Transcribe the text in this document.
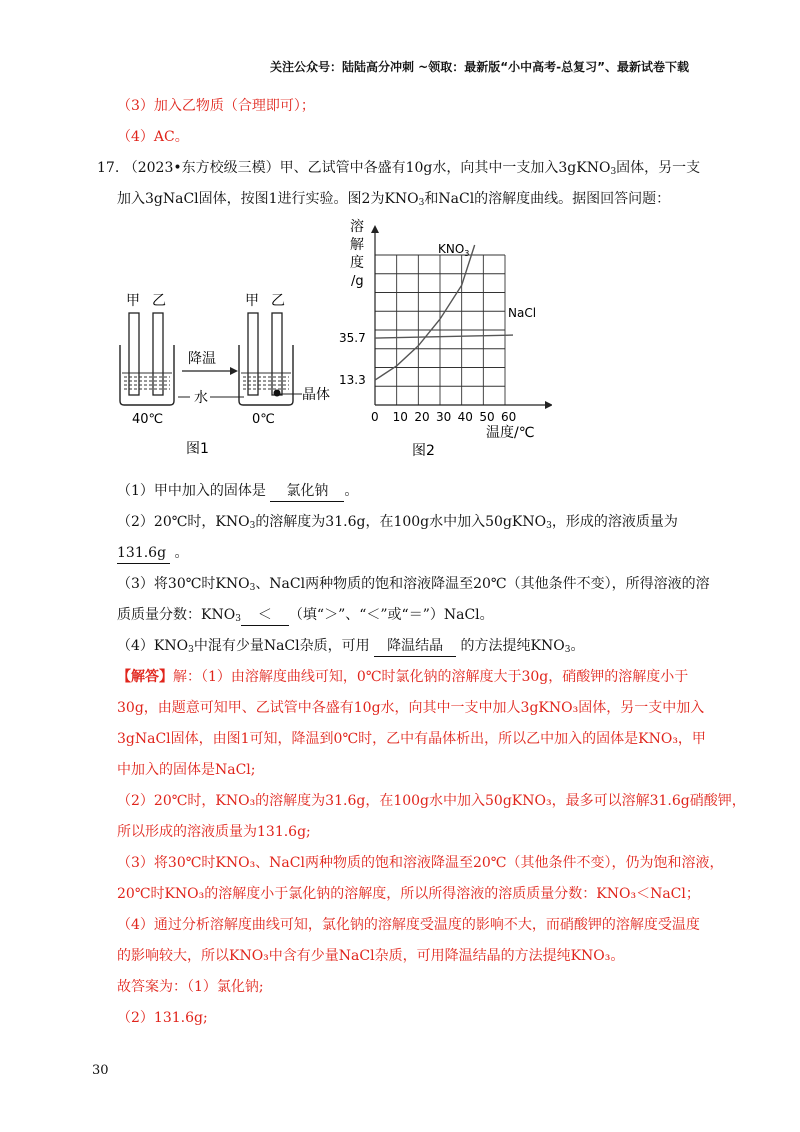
关注公众号：陆陆高分冲刺 ~领取：最新版“小中高考-总复习”、最新试卷下载
（3）加入乙物质（合理即可）；
（4）AC。
17. （2023•东方校级三模）甲、乙试管中各盛有10g水，向其中一支加入3gKNO$_3$固体，另一支
加入3gNaCl固体，按图1进行实验。图2为$KNO_3$和NaCl的溶解度曲线。据图回答问题：
甲 乙
40℃
降温
水
甲 乙
晶体
0℃
图1
溶
解
度
/g
0 10 20 30 40 50 60
35.7
13.3
$KNO_3$
NaCl
温度/℃
图2
（1）甲中加入的固体是 氯化钠 。
（2）20℃时，$KNO_3$的溶解度为31.6g，在100g水中加入50gKNO$_3$，形成的溶液质量为
131.6g 。
（3）将30℃时$KNO_3$、NaCl两种物质的饱和溶液降温至20℃（其他条件不变），所得溶液的溶
质质量分数：$KNO_3$ ＜ （填“＞”、“＜”或“＝”）NaCl。
$(4)KNO_3$中混有少量NaCl杂质，可用 降温结晶 的方法提纯$KNO_3$。
【解答】解：（1）由溶解度曲线可知，0℃时氯化钠的溶解度大于30g，硝酸钾的溶解度小于
30g，由题意可知甲、乙试管中各盛有10g水，向其中一支中加人3gKNO₃固体，另一支中加入
3gNaCl固体，由图1可知，降温到0℃时，乙中有晶体析出，所以乙中加入的固体是KNO₃，甲
中加入的固体是NaCl;
（2）20℃时，KNO₃的溶解度为31.6g，在100g水中加入50gKNO₃，最多可以溶解31.6g硝酸钾，
所以形成的溶液质量为131.6g;
（3）将30℃时KNO₃、NaCl两种物质的饱和溶液降温至20℃（其他条件不变），仍为饱和溶液，
20℃时KNO₃的溶解度小于氯化钠的溶解度，所以所得溶液的溶质质量分数：KNO₃＜NaCl；
（4）通过分析溶解度曲线可知，氯化钠的溶解度受温度的影响不大，而硝酸钾的溶解度受温度
的影响较大，所以KNO₃中含有少量NaCl杂质，可用降温结晶的方法提纯KNO₃。
故答案为：（1）氯化钠;
（2）131.6g;
30
